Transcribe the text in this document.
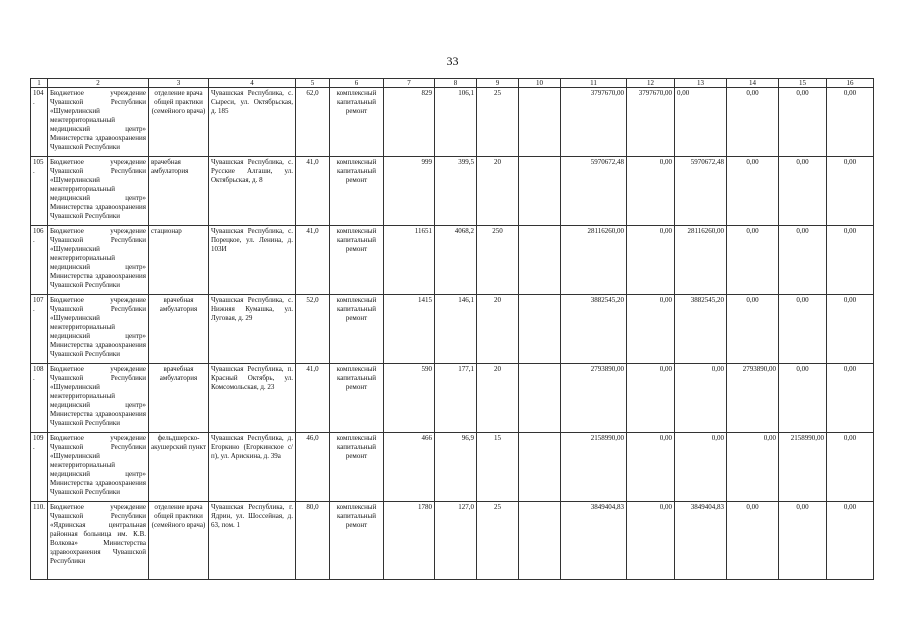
33
1	2	3	4	5	6	7	8	9	10	11	12	13	14	15	16
104.	Бюджетное учреждение Чувашской Республики «Шумерлинский межтерриториальный медицинский центр» Министерства здравоохранения Чувашской Республики	отделение врача общей практики (семейного врача)	Чувашская Республика, с. Сыреси, ул. Октябрьская, д. 185	62,0	комплексный капитальный ремонт	829	106,1	25		3797670,00	3797670,00	0,00	0,00	0,00	0,00
105.	Бюджетное учреждение Чувашской Республики «Шумерлинский межтерриториальный медицинский центр» Министерства здравоохранения Чувашской Республики	врачебная амбулатория	Чувашская Республика, с. Русские Алгаши, ул. Октябрьская, д. 8	41,0	комплексный капитальный ремонт	999	399,5	20		5970672,48	0,00	5970672,48	0,00	0,00	0,00
106.	Бюджетное учреждение Чувашской Республики «Шумерлинский межтерриториальный медицинский центр» Министерства здравоохранения Чувашской Республики	стационар	Чувашская Республика, с. Порецкое, ул. Ленина, д. 103И	41,0	комплексный капитальный ремонт	11651	4068,2	250		28116260,00	0,00	28116260,00	0,00	0,00	0,00
107.	Бюджетное учреждение Чувашской Республики «Шумерлинский межтерриториальный медицинский центр» Министерства здравоохранения Чувашской Республики	врачебная амбулатория	Чувашская Республика, с. Нижняя Кумашка, ул. Луговая, д. 29	52,0	комплексный капитальный ремонт	1415	146,1	20		3882545,20	0,00	3882545,20	0,00	0,00	0,00
108.	Бюджетное учреждение Чувашской Республики «Шумерлинский межтерриториальный медицинский центр» Министерства здравоохранения Чувашской Республики	врачебная амбулатория	Чувашская Республика, п. Красный Октябрь, ул. Комсомольская, д. 23	41,0	комплексный капитальный ремонт	590	177,1	20		2793890,00	0,00	0,00	2793890,00	0,00	0,00
109.	Бюджетное учреждение Чувашской Республики «Шумерлинский межтерриториальный медицинский центр» Министерства здравоохранения Чувашской Республики	фельдшерско-акушерский пункт	Чувашская Республика, д. Егоркино (Егоркинское с/п), ул. Арискина, д. 39а	46,0	комплексный капитальный ремонт	466	96,9	15		2158990,00	0,00	0,00	0,00	2158990,00	0,00
110.	Бюджетное учреждение Чувашской Республики «Ядринская центральная районная больница им. К.В. Волкова» Министерства здравоохранения Чувашской Республики	отделение врача общей практики (семейного врача)	Чувашская Республика, г. Ядрин, ул. Шоссейная, д. 63, пом. 1	80,0	комплексный капитальный ремонт	1780	127,0	25		3849404,83	0,00	3849404,83	0,00	0,00	0,00
